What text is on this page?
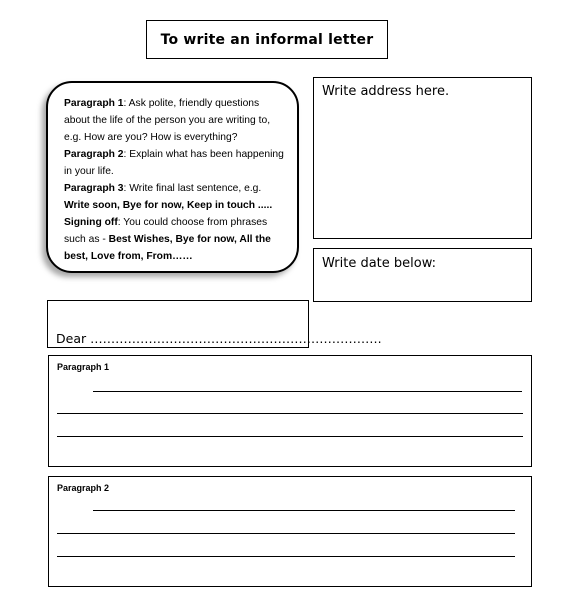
To write an informal letter

Paragraph 1: Ask polite, friendly questions about the life of the person you are writing to, e.g. How are you? How is everything?
Paragraph 2: Explain what has been happening in your life.
Paragraph 3: Write final last sentence, e.g. Write soon, Bye for now, Keep in touch .....
Signing off: You could choose from phrases such as - Best Wishes, Bye for now, All the best, Love from, From……

Write address here.
Write date below:
Dear …………………………………………………………….
Paragraph 1
Paragraph 2
